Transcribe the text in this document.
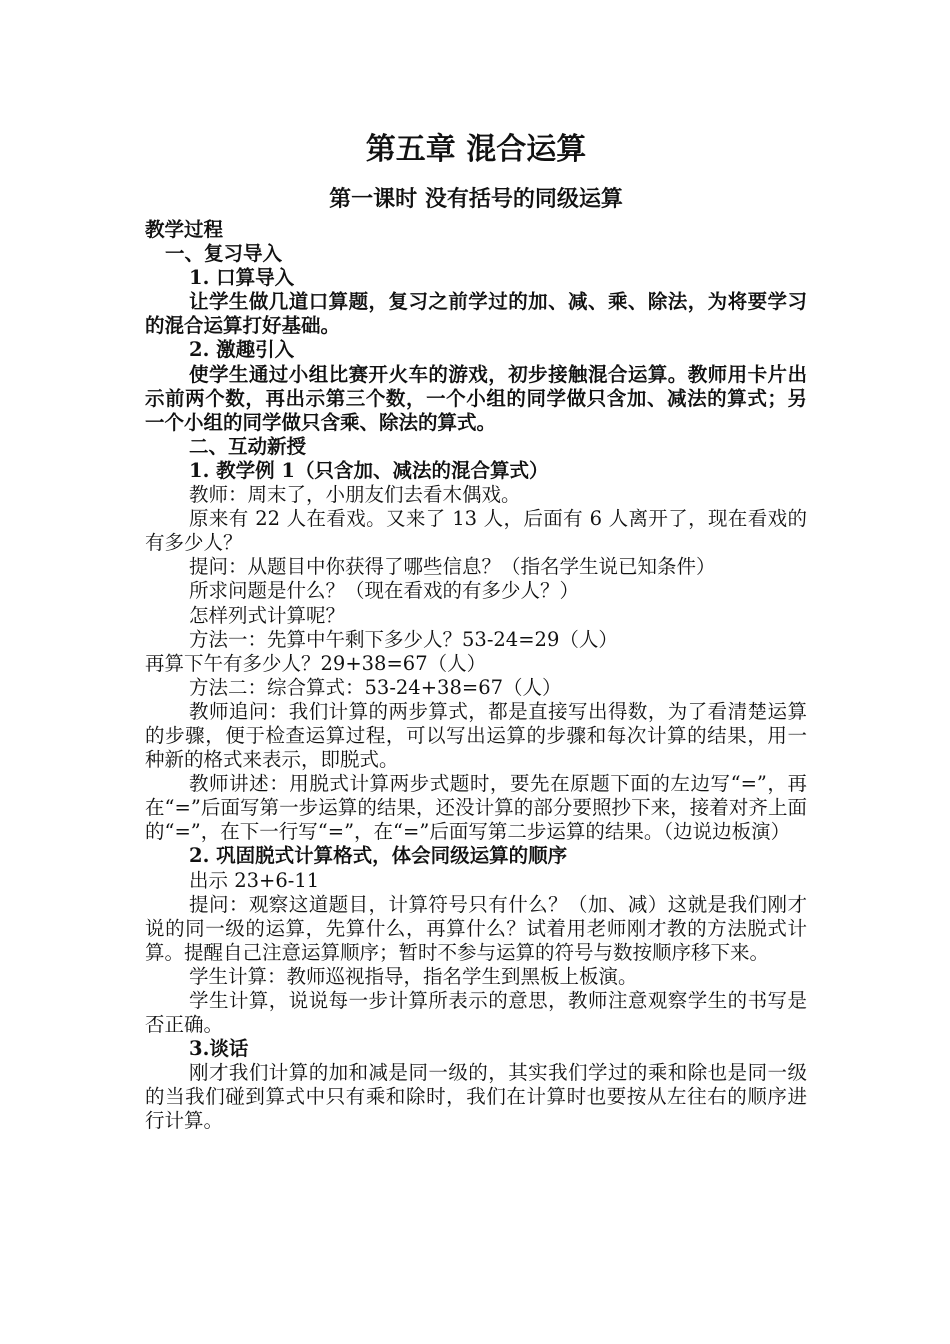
第五章 混合运算
第一课时 没有括号的同级运算

教学过程

一、复习导入

1. 口算导入

让学生做几道口算题，复习之前学过的加、减、乘、除法，为将要学习的混合运算打好基础。

2. 激趣引入

使学生通过小组比赛开火车的游戏，初步接触混合运算。教师用卡片出示前两个数，再出示第三个数，一个小组的同学做只含加、减法的算式；另一个小组的同学做只含乘、除法的算式。

二、互动新授

1. 教学例 1（只含加、减法的混合算式）

教师：周末了，小朋友们去看木偶戏。

原来有 22 人在看戏。又来了 13 人，后面有 6 人离开了，现在看戏的有多少人？

提问：从题目中你获得了哪些信息？（指名学生说已知条件）

所求问题是什么？（现在看戏的有多少人？）

怎样列式计算呢？

方法一：先算中午剩下多少人？53-24=29（人）

再算下午有多少人？29+38=67（人）

方法二：综合算式：53-24+38=67（人）

教师追问：我们计算的两步算式，都是直接写出得数，为了看清楚运算的步骤，便于检查运算过程，可以写出运算的步骤和每次计算的结果，用一种新的格式来表示，即脱式。

教师讲述：用脱式计算两步式题时，要先在原题下面的左边写“=”，再在“=”后面写第一步运算的结果，还没计算的部分要照抄下来，接着对齐上面的“=”，在下一行写“=”，在“=”后面写第二步运算的结果。（边说边板演）

2. 巩固脱式计算格式，体会同级运算的顺序

出示 23+6-11

提问：观察这道题目，计算符号只有什么？（加、减）这就是我们刚才说的同一级的运算，先算什么，再算什么？试着用老师刚才教的方法脱式计算。提醒自己注意运算顺序；暂时不参与运算的符号与数按顺序移下来。

学生计算：教师巡视指导，指名学生到黑板上板演。

学生计算，说说每一步计算所表示的意思，教师注意观察学生的书写是否正确。

3.谈话

刚才我们计算的加和减是同一级的，其实我们学过的乘和除也是同一级的当我们碰到算式中只有乘和除时，我们在计算时也要按从左往右的顺序进行计算。
